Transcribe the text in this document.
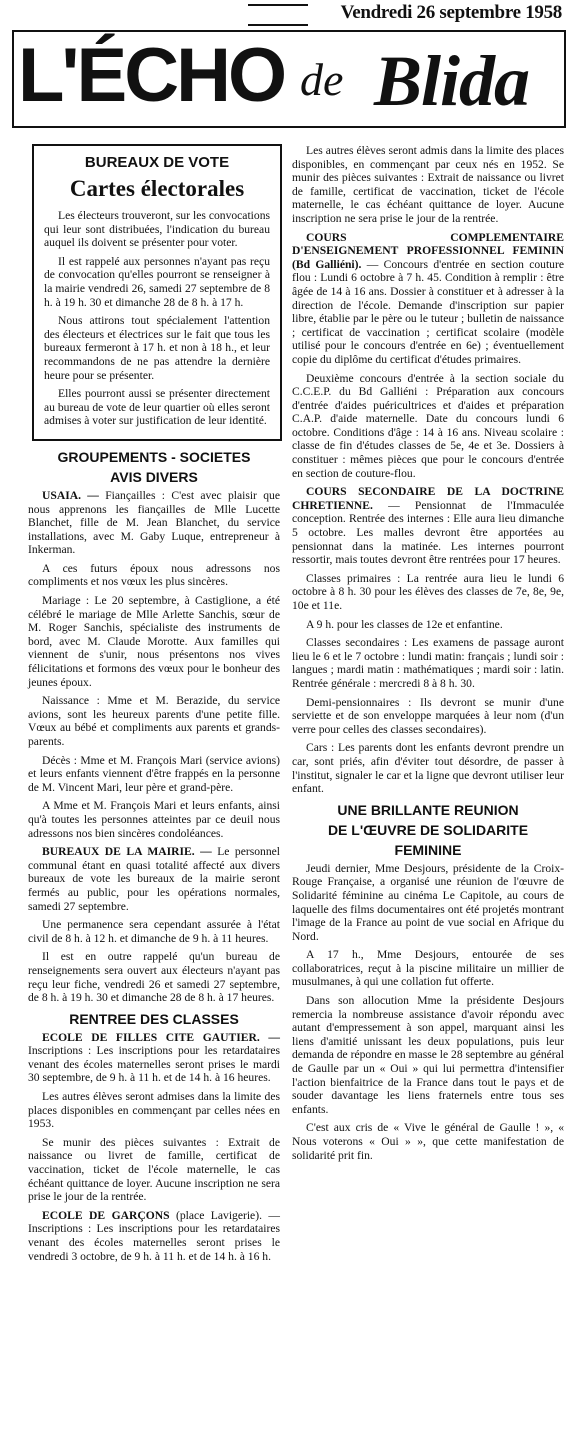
Vendredi 26 septembre 1958
L'ÉCHO de Blida
BUREAUX DE VOTE
Cartes électorales

Les électeurs trouveront, sur les convocations qui leur sont distribuées, l'indication du bureau auquel ils doivent se présenter pour voter.

Il est rappelé aux personnes n'ayant pas reçu de convocation qu'elles pourront se renseigner à la mairie vendredi 26, samedi 27 septembre de 8 h. à 19 h. 30 et dimanche 28 de 8 h. à 17 h.

Nous attirons tout spécialement l'attention des électeurs et électrices sur le fait que tous les bureaux fermeront à 17 h. et non à 18 h., et leur recommandons de ne pas attendre la dernière heure pour se présenter.

Elles pourront aussi se présenter directement au bureau de vote de leur quartier où elles seront admises à voter sur justification de leur identité.

GROUPEMENTS - SOCIETES
AVIS DIVERS

USAIA. — Fiançailles : C'est avec plaisir que nous apprenons les fiançailles de Mlle Lucette Blanchet, fille de M. Jean Blanchet, du service installations, avec M. Gaby Luque, entrepreneur à Inkerman.

A ces futurs époux nous adressons nos compliments et nos vœux les plus sincères.

Mariage : Le 20 septembre, à Castiglione, a été célébré le mariage de Mlle Arlette Sanchis, sœur de M. Roger Sanchis, spécialiste des instruments de bord, avec M. Claude Morotte. Aux familles qui viennent de s'unir, nous présentons nos vives félicitations et formons des vœux pour le bonheur des jeunes époux.

Naissance : Mme et M. Berazide, du service avions, sont les heureux parents d'une petite fille. Vœux au bébé et compliments aux parents et grands-parents.

Décès : Mme et M. François Mari (service avions) et leurs enfants viennent d'être frappés en la personne de M. Vincent Mari, leur père et grand-père.

A Mme et M. François Mari et leurs enfants, ainsi qu'à toutes les personnes atteintes par ce deuil nous adressons nos bien sincères condoléances.

BUREAUX DE LA MAIRIE. — Le personnel communal étant en quasi totalité affecté aux divers bureaux de vote les bureaux de la mairie seront fermés au public, pour les opérations normales, samedi 27 septembre.

Une permanence sera cependant assurée à l'état civil de 8 h. à 12 h. et dimanche de 9 h. à 11 heures.

Il est en outre rappelé qu'un bureau de renseignements sera ouvert aux électeurs n'ayant pas reçu leur fiche, vendredi 26 et samedi 27 septembre, de 8 h. à 19 h. 30 et dimanche 28 de 8 h. à 17 heures.

RENTREE DES CLASSES

ECOLE DE FILLES CITE GAUTIER. — Inscriptions : Les inscriptions pour les retardataires venant des écoles maternelles seront prises le mardi 30 septembre, de 9 h. à 11 h. et de 14 h. à 16 heures.

Les autres élèves seront admises dans la limite des places disponibles en commençant par celles nées en 1953.

Se munir des pièces suivantes : Extrait de naissance ou livret de famille, certificat de vaccination, ticket de l'école maternelle, le cas échéant quittance de loyer. Aucune inscription ne sera prise le jour de la rentrée.

ECOLE DE GARÇONS (place Lavigerie). — Inscriptions : Les inscriptions pour les retardataires venant des écoles maternelles seront prises le vendredi 3 octobre, de 9 h. à 11 h. et de 14 h. à 16 h.

Les autres élèves seront admis dans la limite des places disponibles, en commençant par ceux nés en 1952. Se munir des pièces suivantes : Extrait de naissance ou livret de famille, certificat de vaccination, ticket de l'école maternelle, le cas échéant quittance de loyer. Aucune inscription ne sera prise le jour de la rentrée.

COURS COMPLEMENTAIRE D'ENSEIGNEMENT PROFESSIONNEL FEMININ (Bd Galliéni). — Concours d'entrée en section couture flou : Lundi 6 octobre à 7 h. 45. Condition à remplir : être âgée de 14 à 16 ans. Dossier à constituer et à adresser à la direction de l'école. Demande d'inscription sur papier libre, établie par le père ou le tuteur ; bulletin de naissance ; certificat de vaccination ; certificat scolaire (modèle utilisé pour le concours d'entrée en 6e) ; éventuellement copie du diplôme du certificat d'études primaires.

Deuxième concours d'entrée à la section sociale du C.C.E.P. du Bd Galliéni : Préparation aux concours d'entrée d'aides puéricultrices et d'aides et préparation C.A.P. d'aide maternelle. Date du concours lundi 6 octobre. Conditions d'âge : 14 à 16 ans. Niveau scolaire : classe de fin d'études classes de 5e, 4e et 3e. Dossiers à constituer : mêmes pièces que pour le concours d'entrée en section de couture-flou.

COURS SECONDAIRE DE LA DOCTRINE CHRETIENNE. — Pensionnat de l'Immaculée conception. Rentrée des internes : Elle aura lieu dimanche 5 octobre. Les malles devront être apportées au pensionnat dans la matinée. Les internes pourront ressortir, mais toutes devront être rentrées pour 17 heures.

Classes primaires : La rentrée aura lieu le lundi 6 octobre à 8 h. 30 pour les élèves des classes de 7e, 8e, 9e, 10e et 11e.

A 9 h. pour les classes de 12e et enfantine.

Classes secondaires : Les examens de passage auront lieu le 6 et le 7 octobre : lundi matin: français ; lundi soir : langues ; mardi matin : mathématiques ; mardi soir : latin. Rentrée générale : mercredi 8 à 8 h. 30.

Demi-pensionnaires : Ils devront se munir d'une serviette et de son enveloppe marquées à leur nom (d'un verre pour celles des classes secondaires).

Cars : Les parents dont les enfants devront prendre un car, sont priés, afin d'éviter tout désordre, de passer à l'institut, signaler le car et la ligne que devront utiliser leur enfant.

UNE BRILLANTE REUNION
DE L'ŒUVRE DE SOLIDARITE
FEMININE

Jeudi dernier, Mme Desjours, présidente de la Croix-Rouge Française, a organisé une réunion de l'œuvre de Solidarité féminine au cinéma Le Capitole, au cours de laquelle des films documentaires ont été projetés montrant l'image de la France au point de vue social en Afrique du Nord.

A 17 h., Mme Desjours, entourée de ses collaboratrices, reçut à la piscine militaire un millier de musulmanes, à qui une collation fut offerte.

Dans son allocution Mme la présidente Desjours remercia la nombreuse assistance d'avoir répondu avec autant d'empressement à son appel, marquant ainsi les liens d'amitié unissant les deux populations, puis leur demanda de répondre en masse le 28 septembre au général de Gaulle par un « Oui » qui lui permettra d'intensifier l'action bienfaitrice de la France dans tout le pays et de souder davantage les liens fraternels entre tous ses enfants.

C'est aux cris de « Vive le général de Gaulle ! », « Nous voterons « Oui » », que cette manifestation de solidarité prit fin.
